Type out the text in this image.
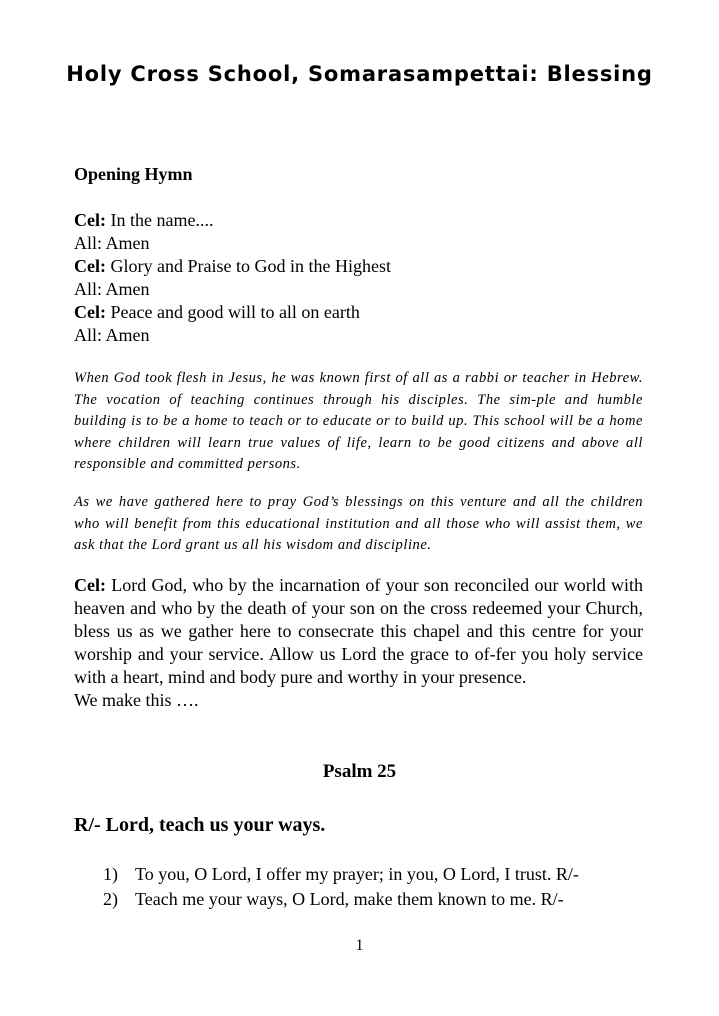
Holy Cross School, Somarasampettai: Blessing
Opening Hymn
Cel: In the name....
All: Amen
Cel: Glory and Praise to God in the Highest
All: Amen
Cel: Peace and good will to all on earth
All: Amen
When God took flesh in Jesus, he was known first of all as a rabbi or teacher in Hebrew. The vocation of teaching continues through his disciples. The sim-ple and humble building is to be a home to teach or to educate or to build up. This school will be a home where children will learn true values of life, learn to be good citizens and above all responsible and committed persons.
As we have gathered here to pray God’s blessings on this venture and all the children who will benefit from this educational institution and all those who will assist them, we ask that the Lord grant us all his wisdom and discipline.
Cel: Lord God, who by the incarnation of your son reconciled our world with heaven and who by the death of your son on the cross redeemed your Church, bless us as we gather here to consecrate this chapel and this centre for your worship and your service. Allow us Lord the grace to of-fer you holy service with a heart, mind and body pure and worthy in your presence.
We make this ….
Psalm 25
R/- Lord, teach us your ways.
1) To you, O Lord, I offer my prayer; in you, O Lord, I trust. R/-
2) Teach me your ways, O Lord, make them known to me. R/-
1
